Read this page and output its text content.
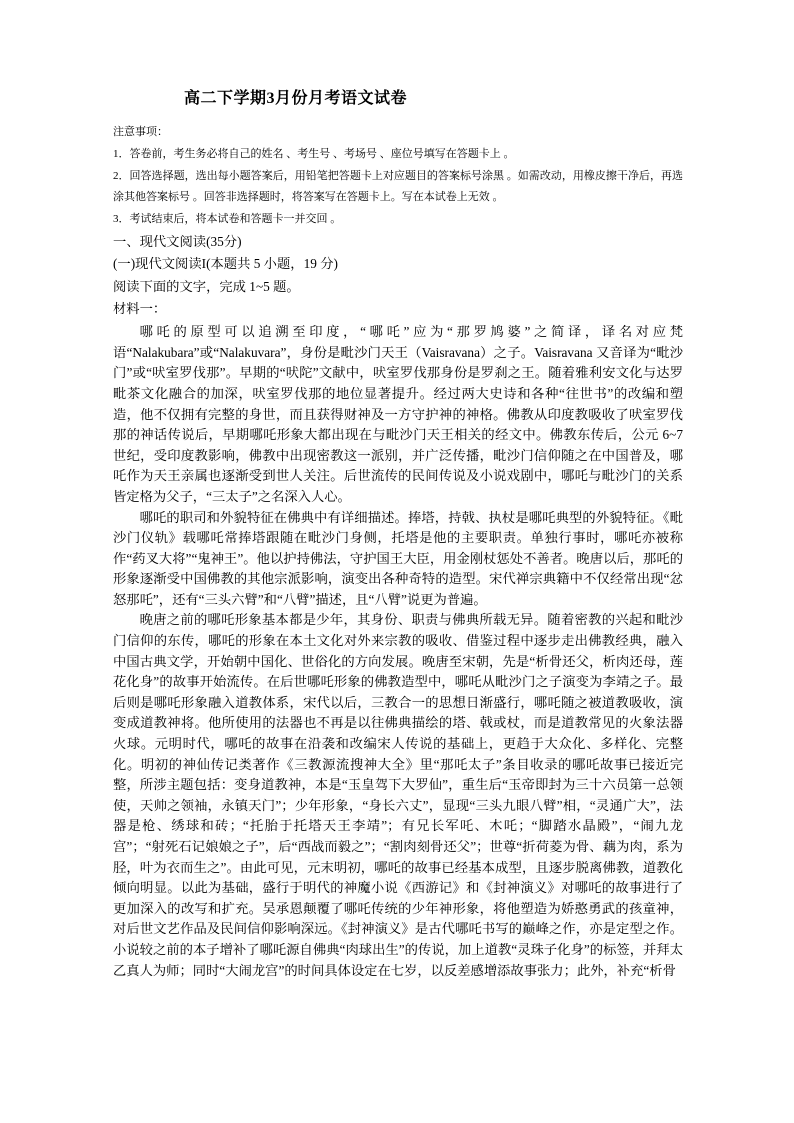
高二下学期3月份月考语文试卷
注意事项：
1．答卷前，考生务必将自己的姓名 、考生号 、考场号 、座位号填写在答题卡上 。
2．回答选择题，选出每小题答案后，用铅笔把答题卡上对应题目的答案标号涂黑 。如需改动，用橡皮擦干净后，再选涂其他答案标号 。回答非选择题时，将答案写在答题卡上。写在本试卷上无效 。
3．考试结束后，将本试卷和答题卡一并交回 。
一、现代文阅读(35分)
(一)现代文阅读I(本题共 5 小题，19 分)
阅读下面的文字，完成 1~5 题。
材料一：

哪吒的原型可以追溯至印度，“哪吒”应为“那罗鸠婆”之简译，译名对应梵语“Nalakubara”或“Nalakuvara”，身份是毗沙门天王（Vaisravana）之子。Vaisravana 又音译为“毗沙门”或“吠室罗伐那”。早期的“吠陀”文献中，吠室罗伐那身份是罗刹之王。随着雅利安文化与达罗毗茶文化融合的加深，吠室罗伐那的地位显著提升。经过两大史诗和各种“往世书”的改编和塑造，他不仅拥有完整的身世，而且获得财神及一方守护神的神格。佛教从印度教吸收了吠室罗伐那的神话传说后，早期哪吒形象大都出现在与毗沙门天王相关的经文中。佛教东传后，公元 6~7 世纪，受印度教影响，佛教中出现密教这一派别，并广泛传播，毗沙门信仰随之在中国普及，哪吒作为天王亲属也逐渐受到世人关注。后世流传的民间传说及小说戏剧中，哪吒与毗沙门的关系皆定格为父子，“三太子”之名深入人心。

哪吒的职司和外貌特征在佛典中有详细描述。捧塔，持戟、执杖是哪吒典型的外貌特征。《毗沙门仪轨》载哪吒常捧塔跟随在毗沙门身侧，托塔是他的主要职责。单独行事时，哪吒亦被称作“药叉大将”“鬼神王”。他以护持佛法，守护国王大臣，用金刚杖惩处不善者。晚唐以后，那吒的形象逐渐受中国佛教的其他宗派影响，演变出各种奇特的造型。宋代禅宗典籍中不仅经常出现“忿怒那吒”，还有“三头六臂”和“八臂”描述，且“八臂”说更为普遍。

晚唐之前的哪吒形象基本都是少年，其身份、职责与佛典所载无异。随着密教的兴起和毗沙门信仰的东传，哪吒的形象在本土文化对外来宗教的吸收、借鉴过程中逐步走出佛教经典，融入中国古典文学，开始朝中国化、世俗化的方向发展。晚唐至宋朝，先是“析骨还父，析肉还母，莲花化身”的故事开始流传。在后世哪吒形象的佛教造型中，哪吒从毗沙门之子演变为李靖之子。最后则是哪吒形象融入道教体系，宋代以后，三教合一的思想日渐盛行，哪吒随之被道教吸收，演变成道教神将。他所使用的法器也不再是以往佛典描绘的塔、戟或杖，而是道教常见的火象法器火球。元明时代，哪吒的故事在沿袭和改编宋人传说的基础上，更趋于大众化、多样化、完整化。明初的神仙传记类著作《三教源流搜神大全》里“那吒太子”条目收录的哪吒故事已接近完整，所涉主题包括：变身道教神，本是“玉皇驾下大罗仙”，重生后“玉帝即封为三十六员第一总领使，天帅之领袖，永镇天门”；少年形象，“身长六丈”，显现“三头九眼八臂”相，“灵通广大”，法器是枪、绣球和砖；“托胎于托塔天王李靖”；有兄长军吒、木吒；“脚踏水晶殿”，“闹九龙宫”；“射死石记娘娘之子”，后“西战而毅之”；“割肉刻骨还父”；世尊“折荷菱为骨、藕为肉，系为胫，叶为衣而生之”。由此可见，元末明初，哪吒的故事已经基本成型，且逐步脱离佛教，道教化倾向明显。以此为基础，盛行于明代的神魔小说《西游记》和《封神演义》对哪吒的故事进行了更加深入的改写和扩充。吴承恩颠覆了哪吒传统的少年神形象，将他塑造为娇憨勇武的孩童神，对后世文艺作品及民间信仰影响深远。《封神演义》是古代哪吒书写的巅峰之作，亦是定型之作。小说较之前的本子增补了哪吒源自佛典“肉球出生”的传说，加上道教“灵珠子化身”的标签，并拜太乙真人为师；同时“大闹龙宫”的时间具体设定在七岁，以反差感增添故事张力；此外，补充“析骨
